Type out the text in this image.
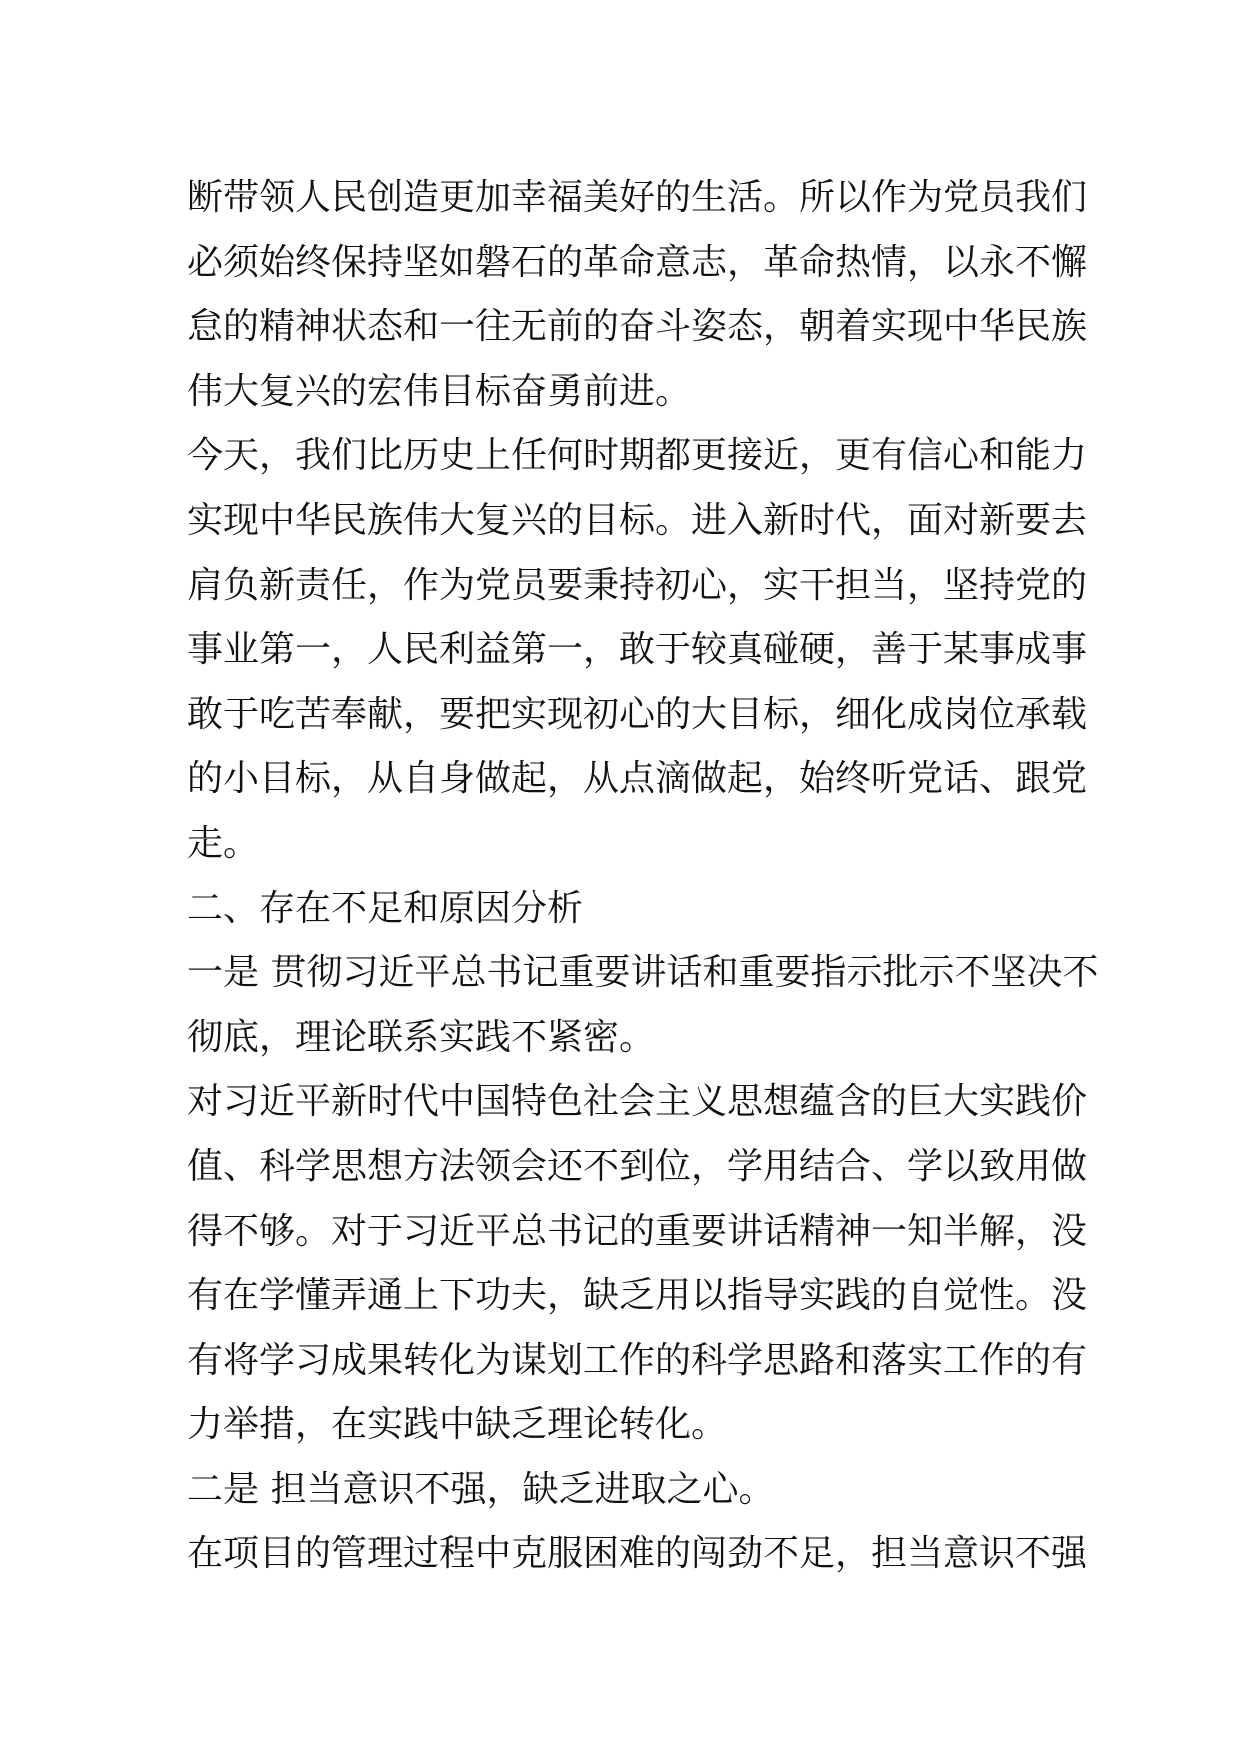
断带领人民创造更加幸福美好的生活。所以作为党员我们
必须始终保持坚如磐石的革命意志，革命热情，以永不懈
怠的精神状态和一往无前的奋斗姿态，朝着实现中华民族
伟大复兴的宏伟目标奋勇前进。
今天，我们比历史上任何时期都更接近，更有信心和能力
实现中华民族伟大复兴的目标。进入新时代，面对新要去
肩负新责任，作为党员要秉持初心，实干担当，坚持党的
事业第一，人民利益第一，敢于较真碰硬，善于某事成事
敢于吃苦奉献，要把实现初心的大目标，细化成岗位承载
的小目标，从自身做起，从点滴做起，始终听党话、跟党
走。
二、存在不足和原因分析
一是 贯彻习近平总书记重要讲话和重要指示批示不坚决不
彻底，理论联系实践不紧密。
对习近平新时代中国特色社会主义思想蕴含的巨大实践价
值、科学思想方法领会还不到位，学用结合、学以致用做
得不够。对于习近平总书记的重要讲话精神一知半解，没
有在学懂弄通上下功夫，缺乏用以指导实践的自觉性。没
有将学习成果转化为谋划工作的科学思路和落实工作的有
力举措，在实践中缺乏理论转化。
二是 担当意识不强，缺乏进取之心。
在项目的管理过程中克服困难的闯劲不足，担当意识不强
